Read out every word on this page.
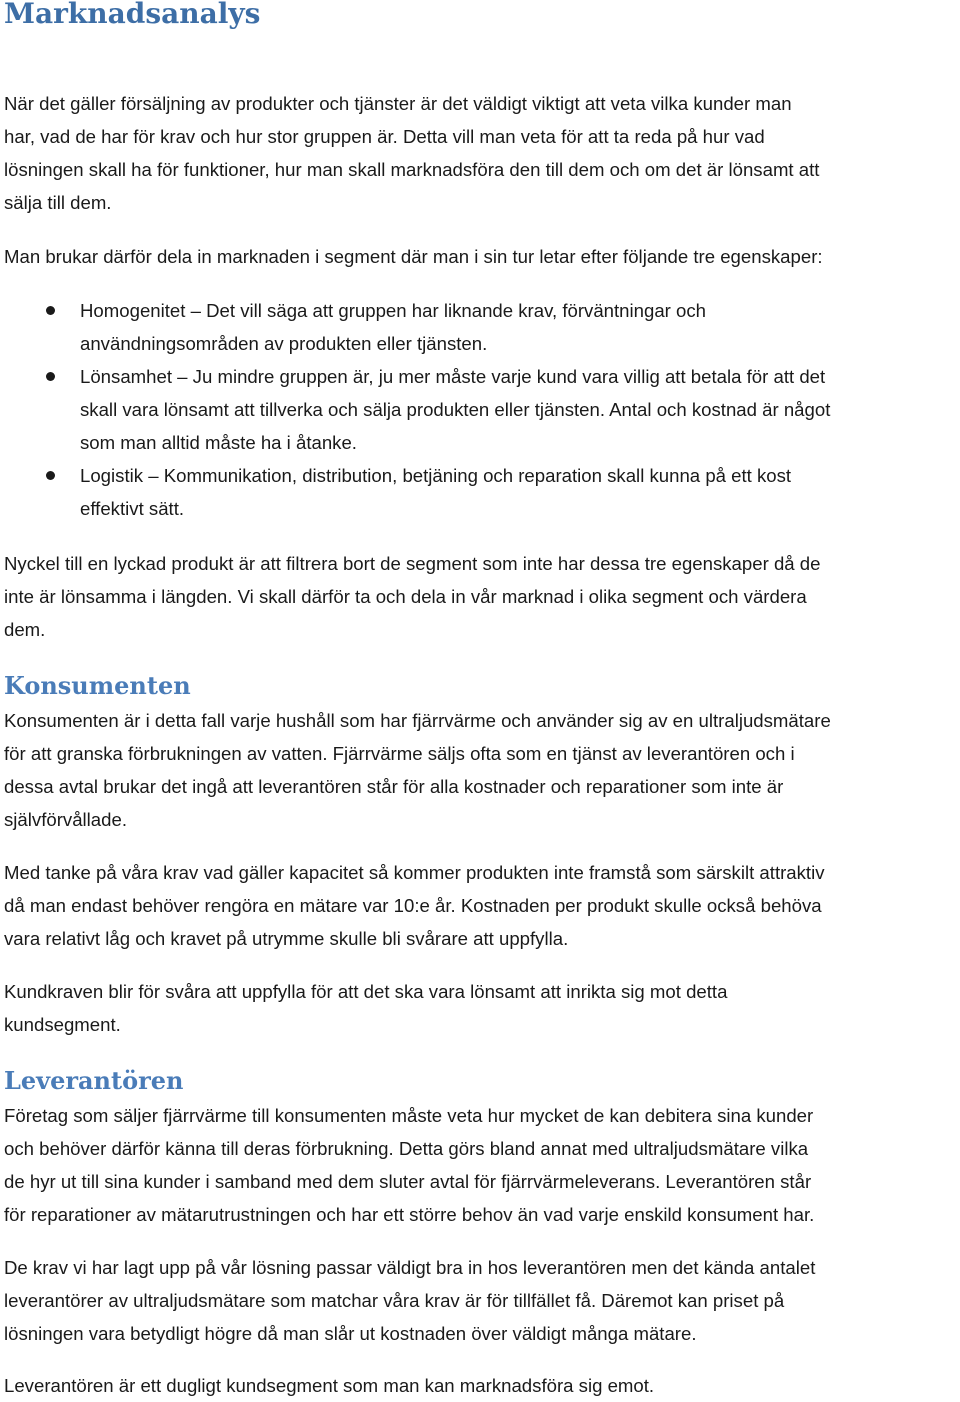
Marknadsanalys

När det gäller försäljning av produkter och tjänster är det väldigt viktigt att veta vilka kunder man
har, vad de har för krav och hur stor gruppen är. Detta vill man veta för att ta reda på hur vad
lösningen skall ha för funktioner, hur man skall marknadsföra den till dem och om det är lönsamt att
sälja till dem.

Man brukar därför dela in marknaden i segment där man i sin tur letar efter följande tre egenskaper:

Homogenitet – Det vill säga att gruppen har liknande krav, förväntningar och
användningsområden av produkten eller tjänsten.
Lönsamhet – Ju mindre gruppen är, ju mer måste varje kund vara villig att betala för att det
skall vara lönsamt att tillverka och sälja produkten eller tjänsten. Antal och kostnad är något
som man alltid måste ha i åtanke.
Logistik – Kommunikation, distribution, betjäning och reparation skall kunna på ett kost
effektivt sätt.

Nyckel till en lyckad produkt är att filtrera bort de segment som inte har dessa tre egenskaper då de
inte är lönsamma i längden. Vi skall därför ta och dela in vår marknad i olika segment och värdera
dem.

Konsumenten

Konsumenten är i detta fall varje hushåll som har fjärrvärme och använder sig av en ultraljudsmätare
för att granska förbrukningen av vatten. Fjärrvärme säljs ofta som en tjänst av leverantören och i
dessa avtal brukar det ingå att leverantören står för alla kostnader och reparationer som inte är
självförvållade.

Med tanke på våra krav vad gäller kapacitet så kommer produkten inte framstå som särskilt attraktiv
då man endast behöver rengöra en mätare var 10:e år. Kostnaden per produkt skulle också behöva
vara relativt låg och kravet på utrymme skulle bli svårare att uppfylla.

Kundkraven blir för svåra att uppfylla för att det ska vara lönsamt att inrikta sig mot detta
kundsegment.

Leverantören

Företag som säljer fjärrvärme till konsumenten måste veta hur mycket de kan debitera sina kunder
och behöver därför känna till deras förbrukning. Detta görs bland annat med ultraljudsmätare vilka
de hyr ut till sina kunder i samband med dem sluter avtal för fjärrvärmeleverans. Leverantören står
för reparationer av mätarutrustningen och har ett större behov än vad varje enskild konsument har.

De krav vi har lagt upp på vår lösning passar väldigt bra in hos leverantören men det kända antalet
leverantörer av ultraljudsmätare som matchar våra krav är för tillfället få. Däremot kan priset på
lösningen vara betydligt högre då man slår ut kostnaden över väldigt många mätare.

Leverantören är ett dugligt kundsegment som man kan marknadsföra sig emot.
